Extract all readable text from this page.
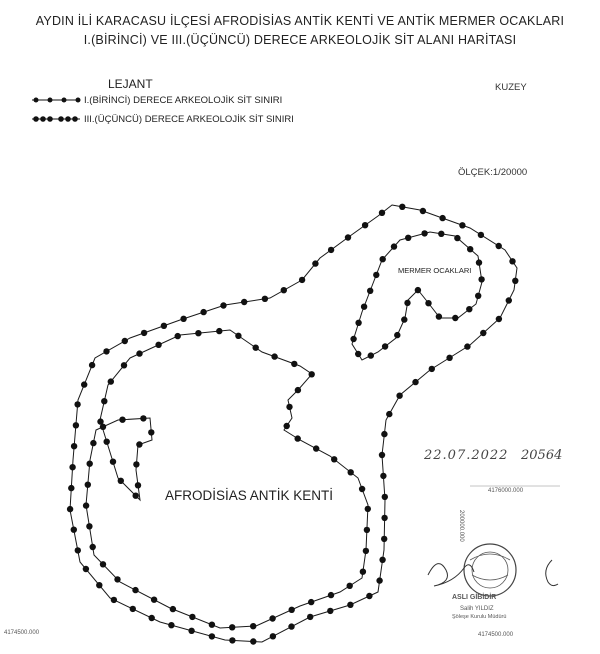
AYDIN İLİ KARACASU İLÇESİ AFRODİSİAS ANTİK KENTİ VE ANTİK MERMER OCAKLARI
I.(BİRİNCİ) VE III.(ÜÇÜNCÜ) DERECE ARKEOLOJİK SİT ALANI HARİTASI
LEJANT
I.(BİRİNCİ) DERECE ARKEOLOJİK SİT SINIRI
III.(ÜÇÜNCÜ) DERECE ARKEOLOJİK SİT SINIRI
KUZEY
ÖLÇEK:1/20000
AFRODİSİAS ANTİK KENTİ
MERMER OCAKLARI
4176000.000
4174500.000	4174500.000
200000.000
22.07.2022 20564
ASLI GİBİDİR
Salih YILDIZ
Şöleşe Kurulu Müdürü
